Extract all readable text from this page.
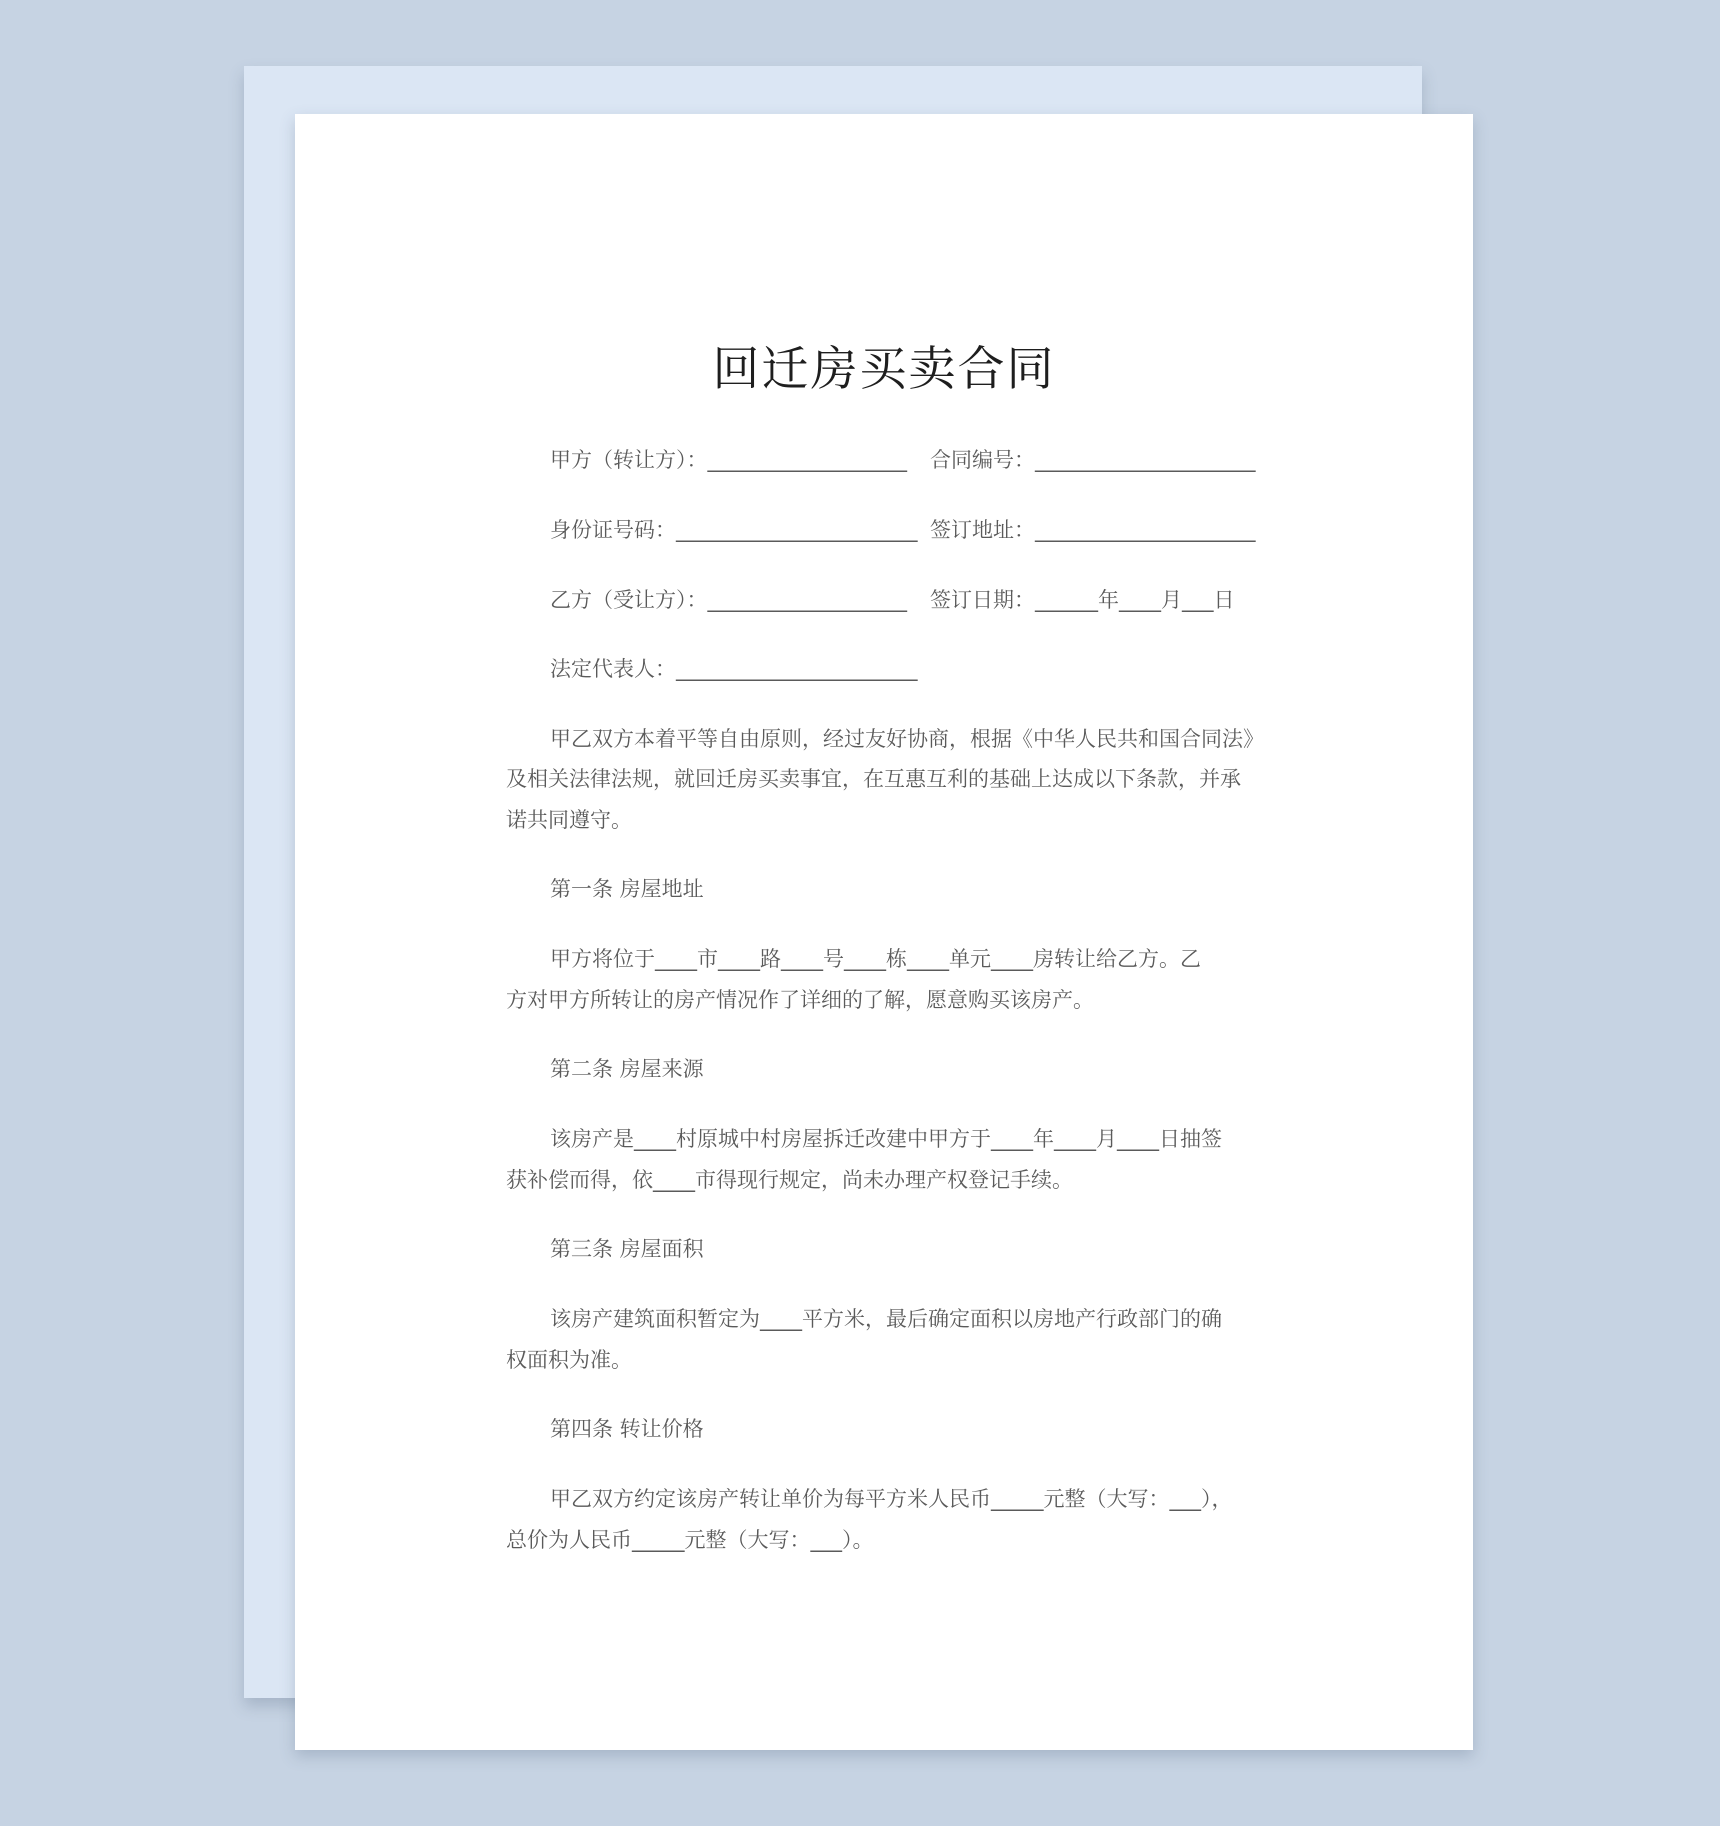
回迁房买卖合同
甲方（转让方）：___________________ 合同编号：_____________________
身份证号码：_______________________ 签订地址：_____________________
乙方（受让方）：___________________ 签订日期：______年____月___日
法定代表人：_______________________
甲乙双方本着平等自由原则，经过友好协商，根据《中华人民共和国合同法》
及相关法律法规，就回迁房买卖事宜，在互惠互利的基础上达成以下条款，并承
诺共同遵守。
第一条 房屋地址
甲方将位于____市____路____号____栋____单元____房转让给乙方。乙
方对甲方所转让的房产情况作了详细的了解，愿意购买该房产。
第二条 房屋来源
该房产是____村原城中村房屋拆迁改建中甲方于____年____月____日抽签
获补偿而得，依____市得现行规定，尚未办理产权登记手续。
第三条 房屋面积
该房产建筑面积暂定为____平方米，最后确定面积以房地产行政部门的确
权面积为准。
第四条 转让价格
甲乙双方约定该房产转让单价为每平方米人民币_____元整（大写：___），
总价为人民币_____元整（大写：___）。
